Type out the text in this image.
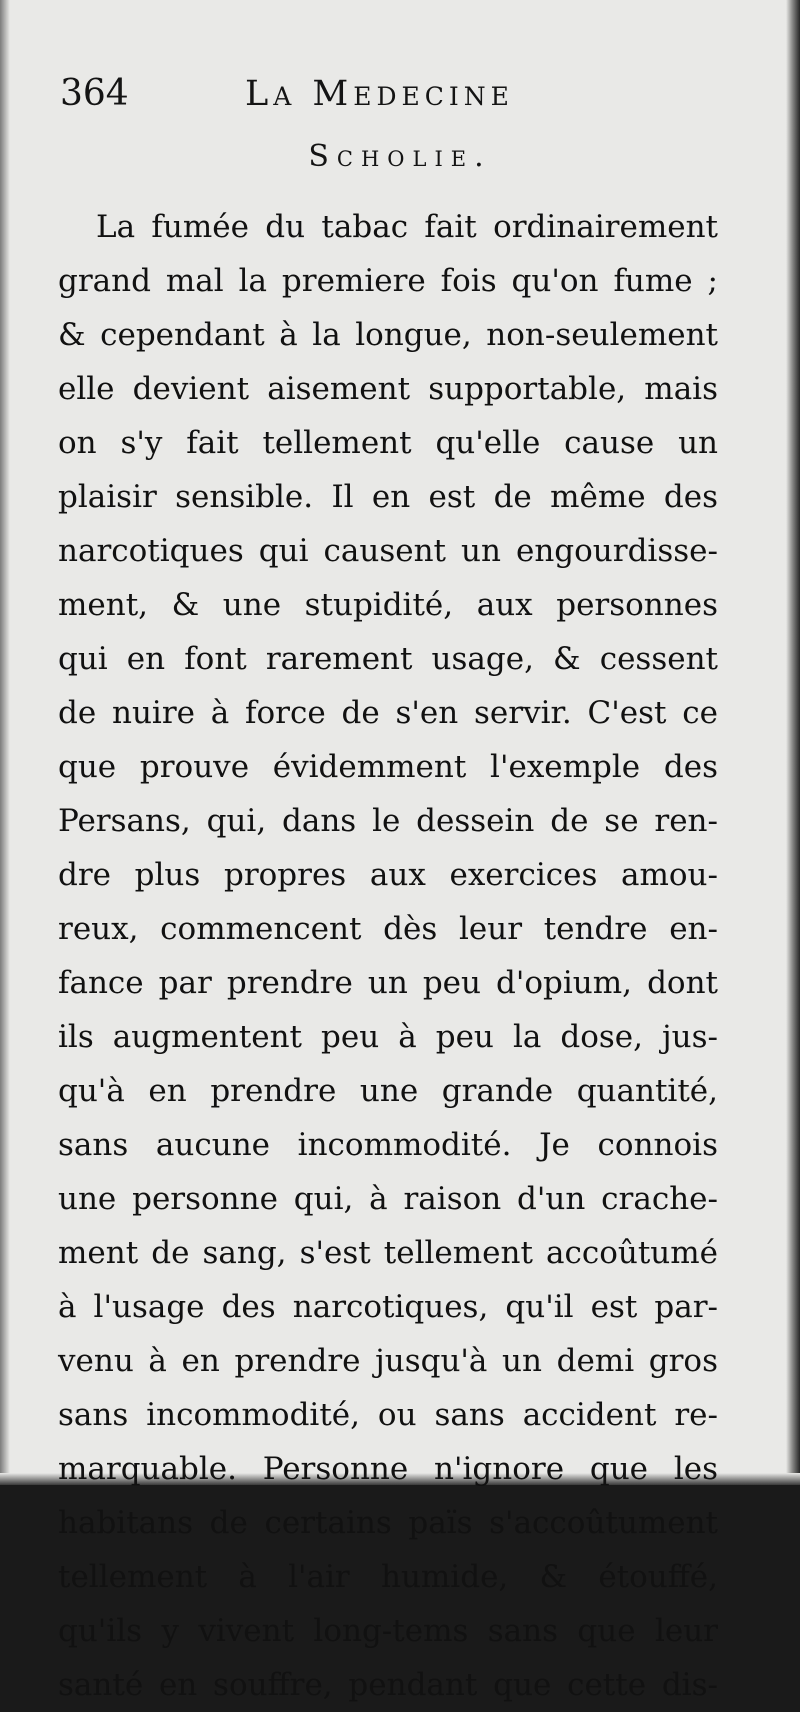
364	La Medecine
Scholie.
La fumée du tabac fait ordinairement
grand mal la premiere fois qu'on fume ;
& cependant à la longue, non-seulement
elle devient aisement supportable, mais
on s'y fait tellement qu'elle cause un
plaisir sensible. Il en est de même des
narcotiques qui causent un engourdisse-
ment, & une stupidité, aux personnes
qui en font rarement usage, & cessent
de nuire à force de s'en servir. C'est ce
que prouve évidemment l'exemple des
Persans, qui, dans le dessein de se ren-
dre plus propres aux exercices amou-
reux, commencent dès leur tendre en-
fance par prendre un peu d'opium, dont
ils augmentent peu à peu la dose, jus-
qu'à en prendre une grande quantité,
sans aucune incommodité. Je connois
une personne qui, à raison d'un crache-
ment de sang, s'est tellement accoûtumé
à l'usage des narcotiques, qu'il est par-
venu à en prendre jusqu'à un demi gros
sans incommodité, ou sans accident re-
marquable. Personne n'ignore que les
habitans de certains païs s'accoûtument
tellement à l'air humide, & étouffé,
qu'ils y vivent long-tems sans que leur
santé en souffre, pendant que cette dis-
